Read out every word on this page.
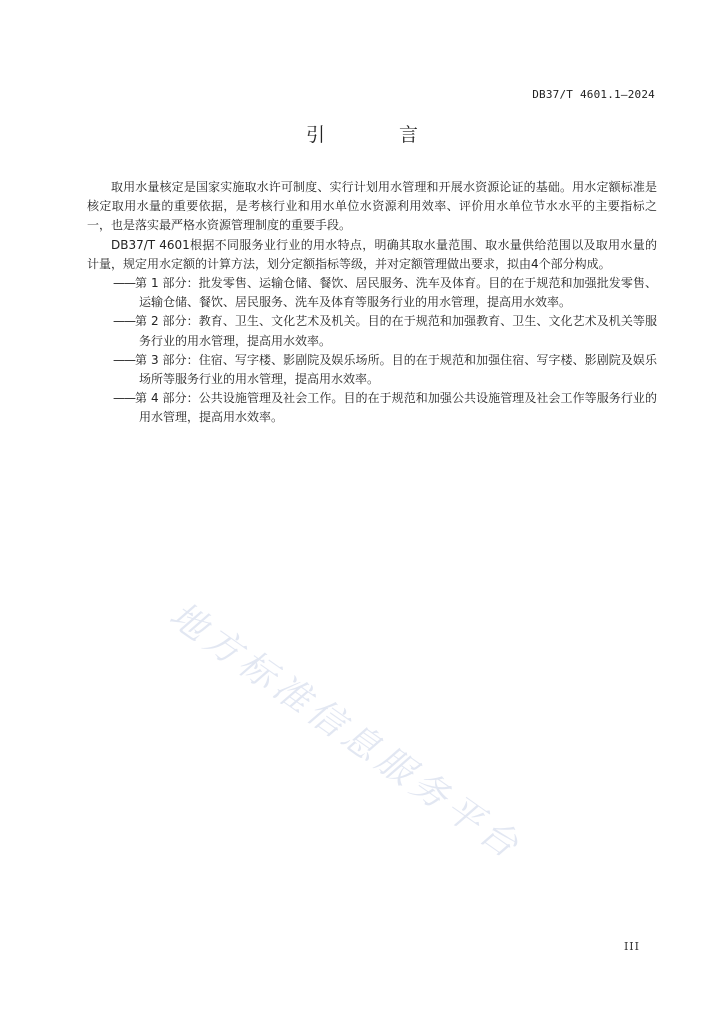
DB37/T 4601.1—2024
引 言

取用水量核定是国家实施取水许可制度、实行计划用水管理和开展水资源论证的基础。用水定额标准是核定取用水量的重要依据，是考核行业和用水单位水资源利用效率、评价用水单位节水水平的主要指标之一，也是落实最严格水资源管理制度的重要手段。

DB37/T 4601根据不同服务业行业的用水特点，明确其取水量范围、取水量供给范围以及取用水量的计量，规定用水定额的计算方法，划分定额指标等级，并对定额管理做出要求，拟由4个部分构成。

——第 1 部分：批发零售、运输仓储、餐饮、居民服务、洗车及体育。目的在于规范和加强批发零售、运输仓储、餐饮、居民服务、洗车及体育等服务行业的用水管理，提高用水效率。

——第 2 部分：教育、卫生、文化艺术及机关。目的在于规范和加强教育、卫生、文化艺术及机关等服务行业的用水管理，提高用水效率。

——第 3 部分：住宿、写字楼、影剧院及娱乐场所。目的在于规范和加强住宿、写字楼、影剧院及娱乐场所等服务行业的用水管理，提高用水效率。

——第 4 部分：公共设施管理及社会工作。目的在于规范和加强公共设施管理及社会工作等服务行业的用水管理，提高用水效率。

地方标准信息服务平台
III
